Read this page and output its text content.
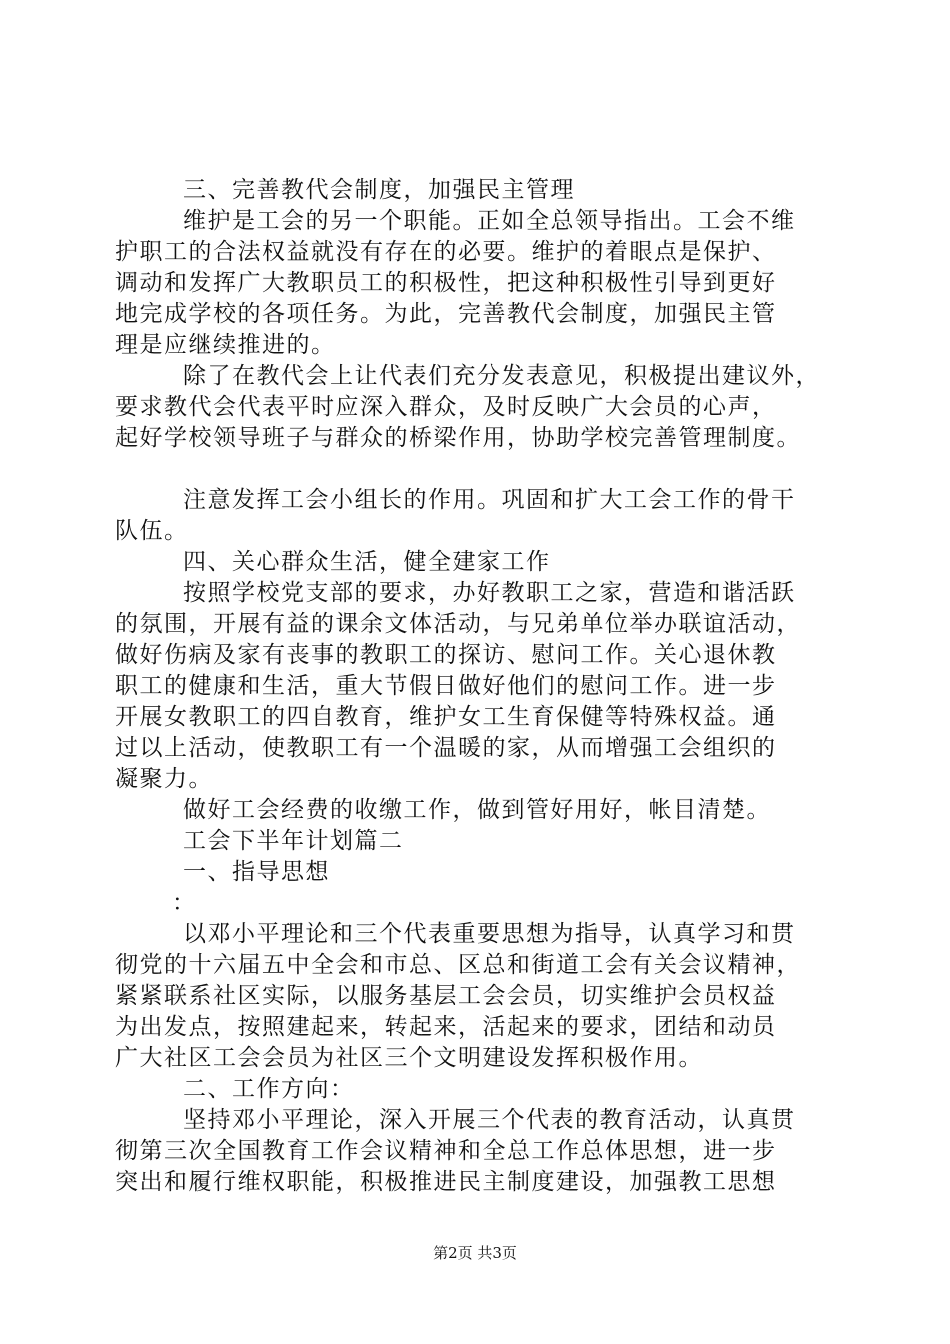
三、完善教代会制度，加强民主管理
维护是工会的另一个职能。正如全总领导指出。工会不维
护职工的合法权益就没有存在的必要。维护的着眼点是保护、
调动和发挥广大教职员工的积极性，把这种积极性引导到更好
地完成学校的各项任务。为此，完善教代会制度，加强民主管
理是应继续推进的。
除了在教代会上让代表们充分发表意见，积极提出建议外，
要求教代会代表平时应深入群众，及时反映广大会员的心声，
起好学校领导班子与群众的桥梁作用，协助学校完善管理制度。
注意发挥工会小组长的作用。巩固和扩大工会工作的骨干
队伍。
四、关心群众生活，健全建家工作
按照学校党支部的要求，办好教职工之家，营造和谐活跃
的氛围，开展有益的课余文体活动，与兄弟单位举办联谊活动，
做好伤病及家有丧事的教职工的探访、慰问工作。关心退休教
职工的健康和生活，重大节假日做好他们的慰问工作。进一步
开展女教职工的四自教育，维护女工生育保健等特殊权益。通
过以上活动，使教职工有一个温暖的家，从而增强工会组织的
凝聚力。
做好工会经费的收缴工作，做到管好用好，帐目清楚。
工会下半年计划篇二
一、指导思想
：
以邓小平理论和三个代表重要思想为指导，认真学习和贯
彻党的十六届五中全会和市总、区总和街道工会有关会议精神，
紧紧联系社区实际，以服务基层工会会员，切实维护会员权益
为出发点，按照建起来，转起来，活起来的要求，团结和动员
广大社区工会会员为社区三个文明建设发挥积极作用。
二、工作方向：
坚持邓小平理论，深入开展三个代表的教育活动，认真贯
彻第三次全国教育工作会议精神和全总工作总体思想，进一步
突出和履行维权职能，积极推进民主制度建设，加强教工思想
第2页 共3页
